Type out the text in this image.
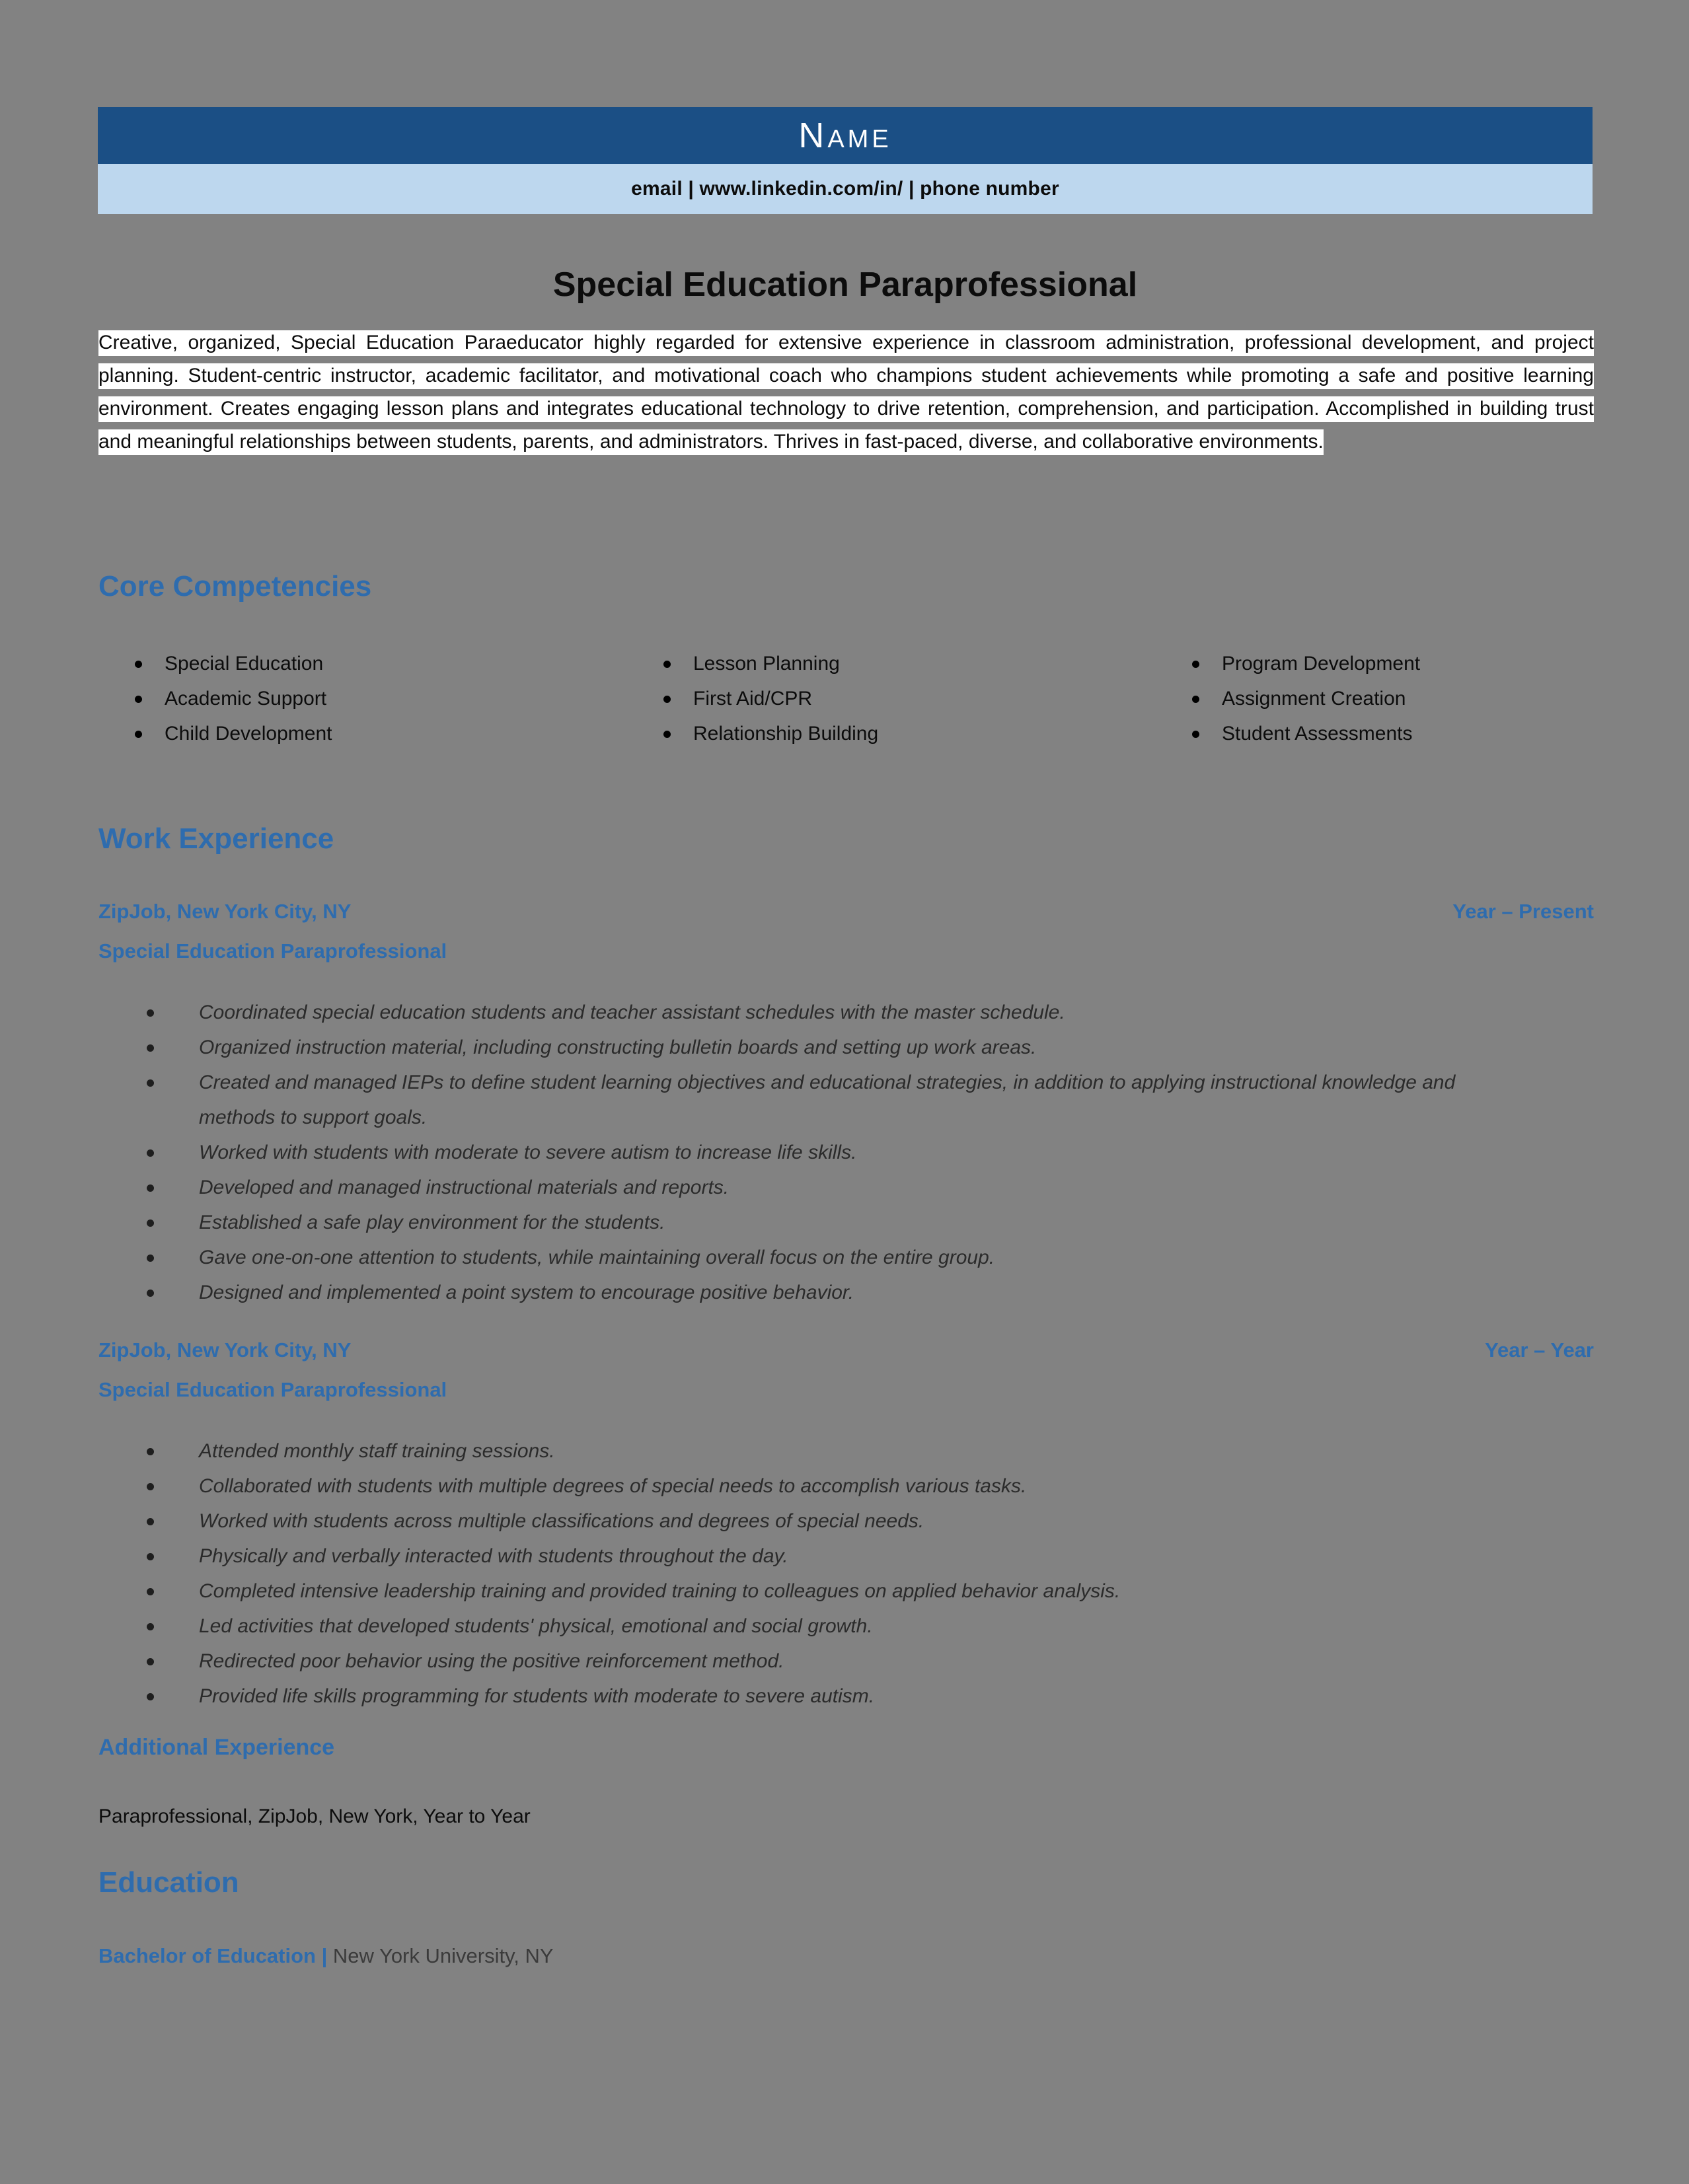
Name
email | www.linkedin.com/in/ | phone number
Special Education Paraprofessional
Creative, organized, Special Education Paraeducator highly regarded for extensive experience in classroom administration, professional development, and project planning. Student-centric instructor, academic facilitator, and motivational coach who champions student achievements while promoting a safe and positive learning environment. Creates engaging lesson plans and integrates educational technology to drive retention, comprehension, and participation. Accomplished in building trust and meaningful relationships between students, parents, and administrators. Thrives in fast-paced, diverse, and collaborative environments.
Core Competencies
Special Education
Academic Support
Child Development
Lesson Planning
First Aid/CPR
Relationship Building
Program Development
Assignment Creation
Student Assessments
Work Experience
ZipJob, New York City, NY	Year – Present
Special Education Paraprofessional
Coordinated special education students and teacher assistant schedules with the master schedule.
Organized instruction material, including constructing bulletin boards and setting up work areas.
Created and managed IEPs to define student learning objectives and educational strategies, in addition to applying instructional knowledge and methods to support goals.
Worked with students with moderate to severe autism to increase life skills.
Developed and managed instructional materials and reports.
Established a safe play environment for the students.
Gave one-on-one attention to students, while maintaining overall focus on the entire group.
Designed and implemented a point system to encourage positive behavior.
ZipJob, New York City, NY	Year – Year
Special Education Paraprofessional
Attended monthly staff training sessions.
Collaborated with students with multiple degrees of special needs to accomplish various tasks.
Worked with students across multiple classifications and degrees of special needs.
Physically and verbally interacted with students throughout the day.
Completed intensive leadership training and provided training to colleagues on applied behavior analysis.
Led activities that developed students' physical, emotional and social growth.
Redirected poor behavior using the positive reinforcement method.
Provided life skills programming for students with moderate to severe autism.
Additional Experience
Paraprofessional, ZipJob, New York, Year to Year
Education
Bachelor of Education | New York University, NY
